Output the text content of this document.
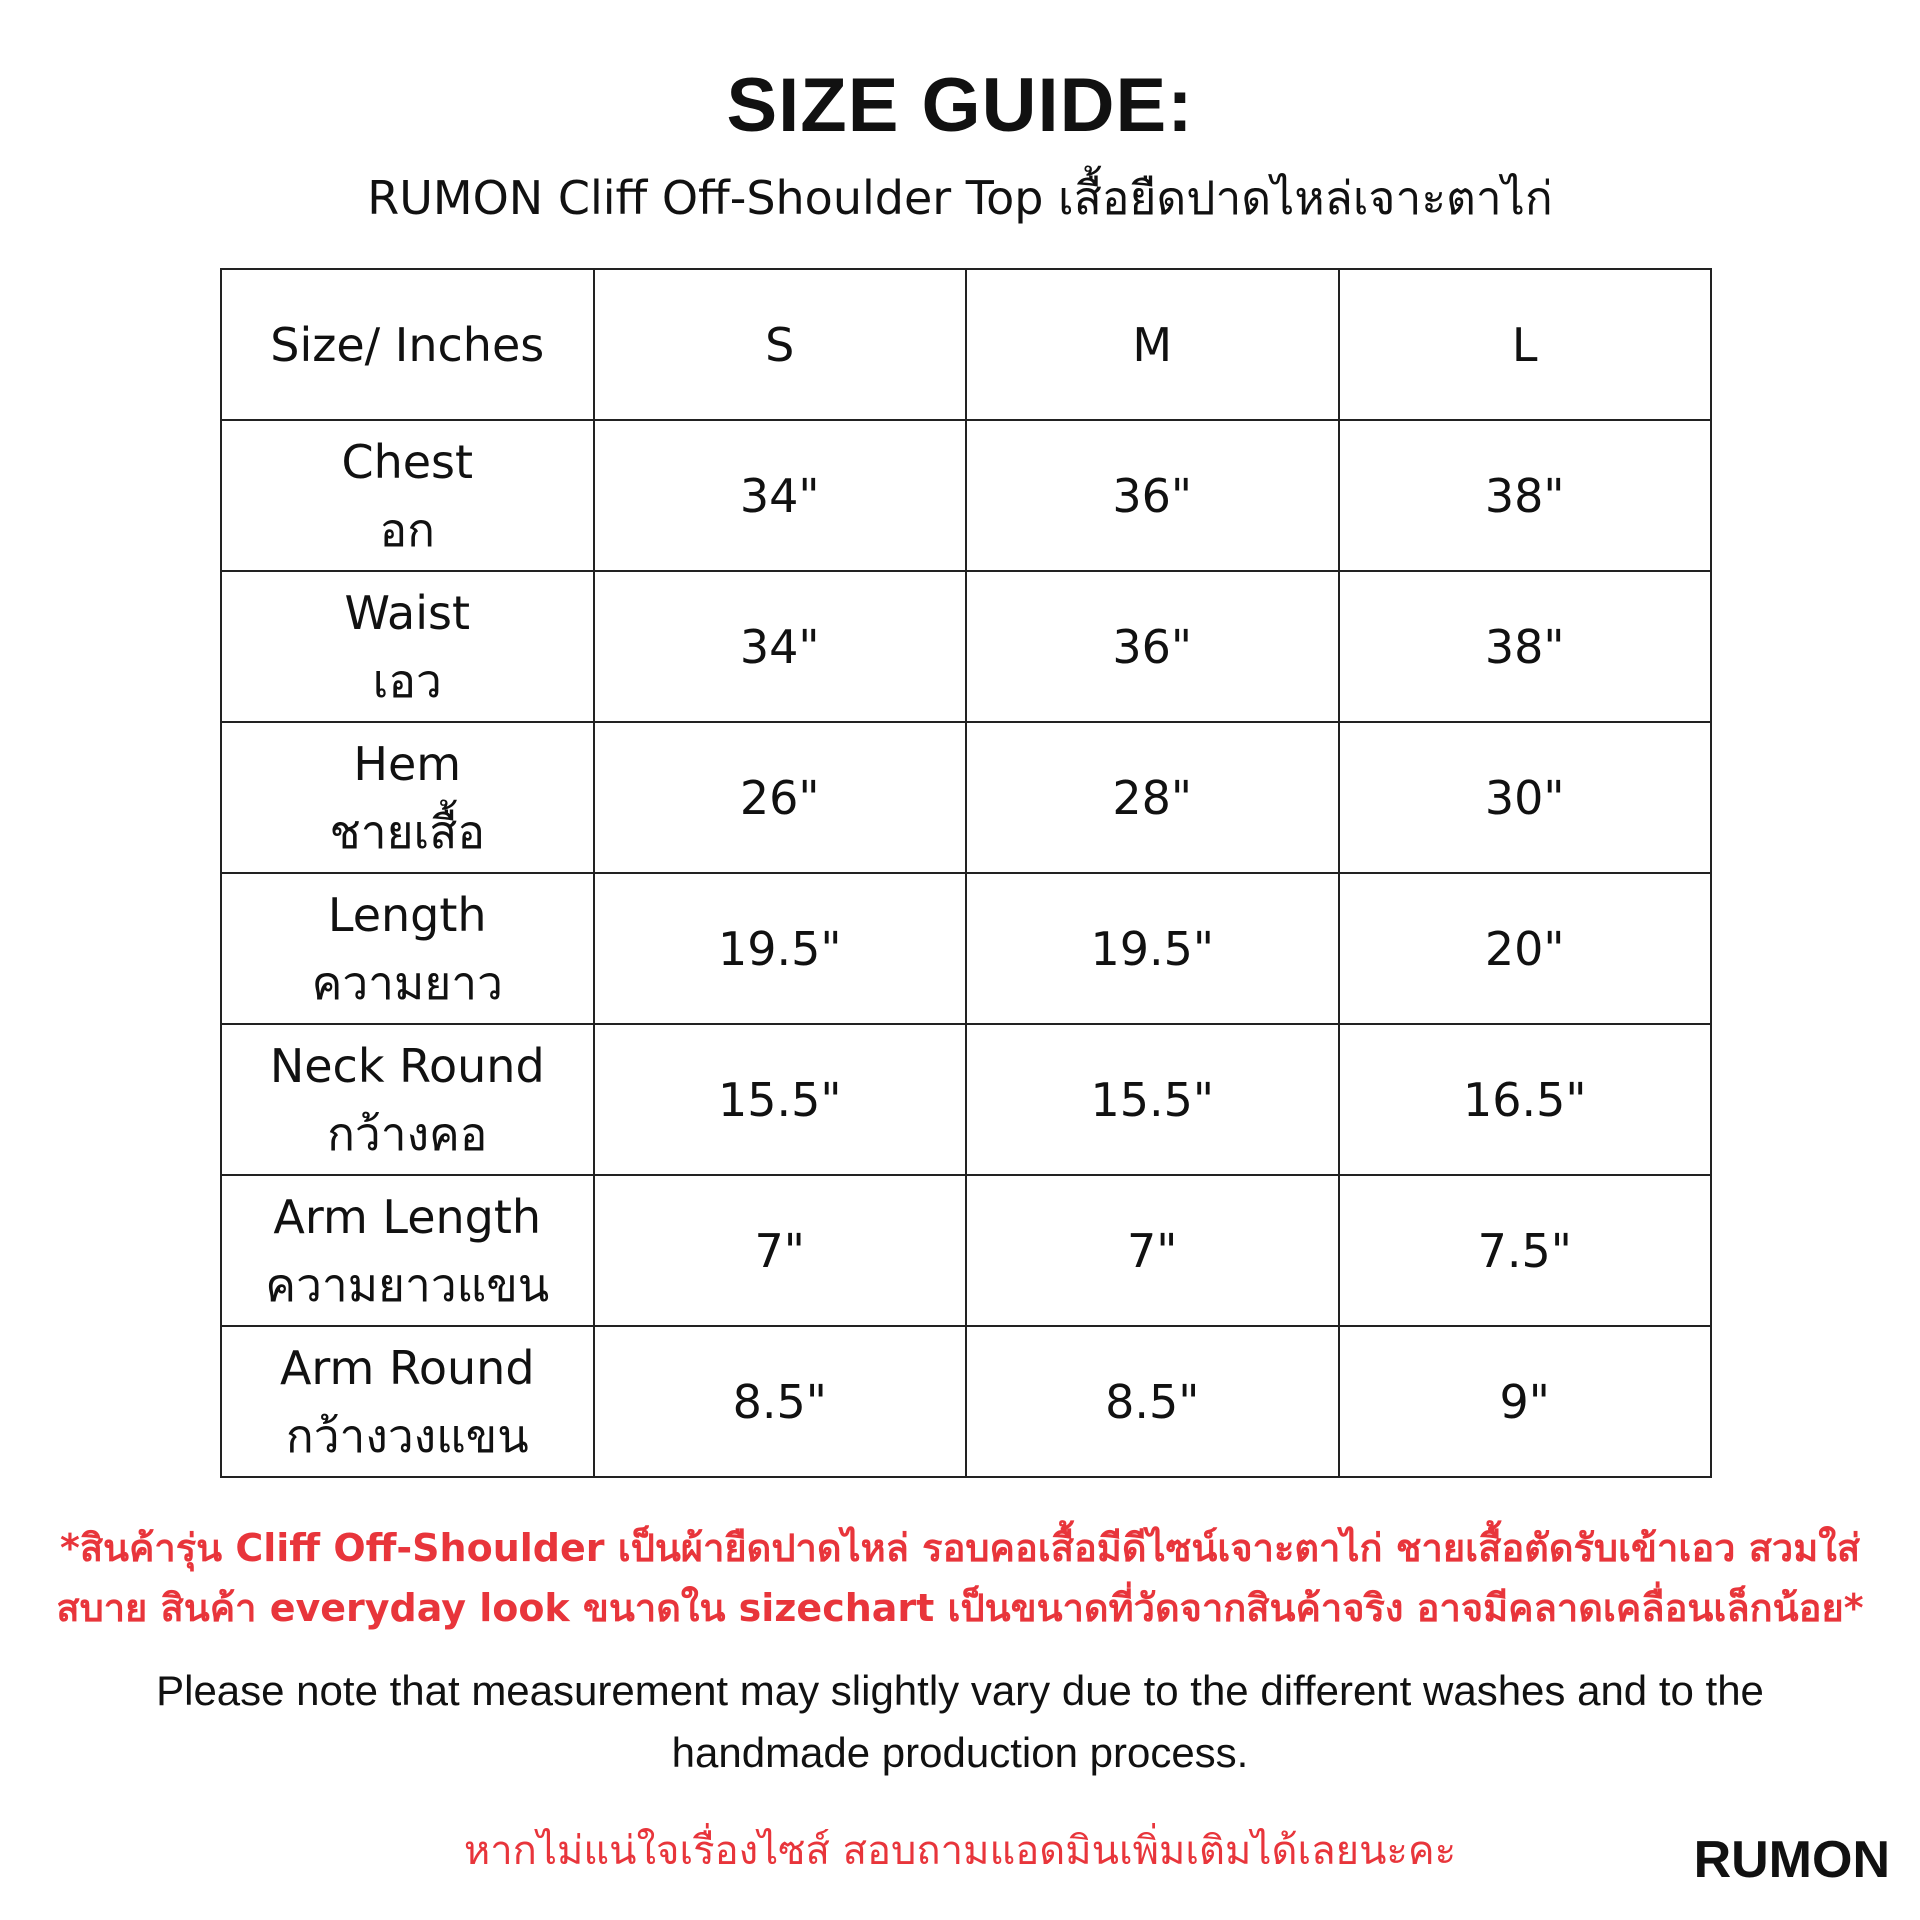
SIZE GUIDE:
RUMON Cliff Off-Shoulder Top เสื้อยืดปาดไหล่เจาะตาไก่
Size/ Inches	S	M	L

Chest
อก	34"	36"	38"

Waist
เอว	34"	36"	38"

Hem
ชายเสื้อ	26"	28"	30"

Length
ความยาว	19.5"	19.5"	20"

Neck Round
กว้างคอ	15.5"	15.5"	16.5"

Arm Length
ความยาวแขน	7"	7"	7.5"

Arm Round
กว้างวงแขน	8.5"	8.5"	9"
*สินค้ารุ่น Cliff Off-Shoulder เป็นผ้ายืดปาดไหล่ รอบคอเสื้อมีดีไซน์เจาะตาไก่ ชายเสื้อตัดรับเข้าเอว สวมใส่
สบาย สินค้า everyday look ขนาดใน sizechart เป็นขนาดที่วัดจากสินค้าจริง อาจมีคลาดเคลื่อนเล็กน้อย*
Please note that measurement may slightly vary due to the different washes and to the handmade production process.
หากไม่แน่ใจเรื่องไซส์ สอบถามแอดมินเพิ่มเติมได้เลยนะคะ	RUMON
